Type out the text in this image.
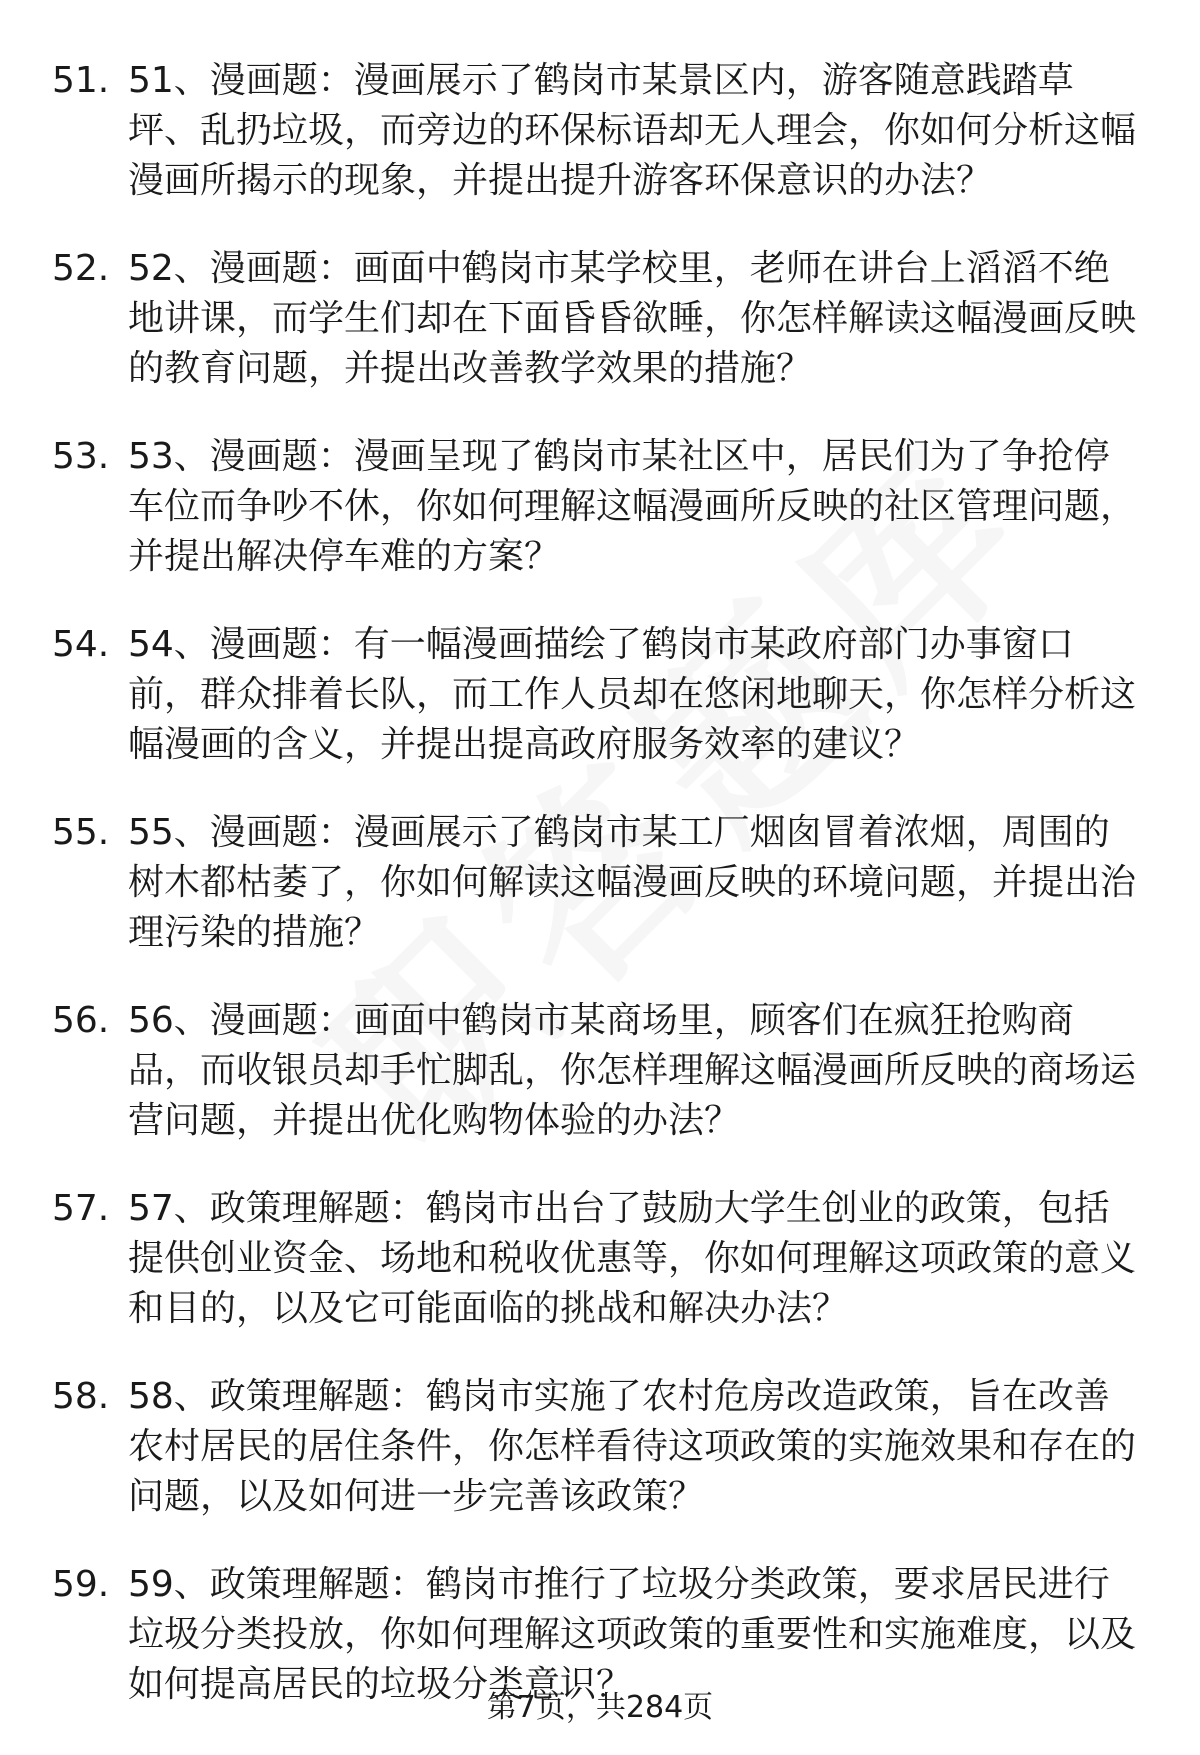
51. 51、漫画题：漫画展示了鹤岗市某景区内，游客随意践踏草坪、乱扔垃圾，而旁边的环保标语却无人理会，你如何分析这幅漫画所揭示的现象，并提出提升游客环保意识的办法？
52. 52、漫画题：画面中鹤岗市某学校里，老师在讲台上滔滔不绝地讲课，而学生们却在下面昏昏欲睡，你怎样解读这幅漫画反映的教育问题，并提出改善教学效果的措施？
53. 53、漫画题：漫画呈现了鹤岗市某社区中，居民们为了争抢停车位而争吵不休，你如何理解这幅漫画所反映的社区管理问题，并提出解决停车难的方案？
54. 54、漫画题：有一幅漫画描绘了鹤岗市某政府部门办事窗口前，群众排着长队，而工作人员却在悠闲地聊天，你怎样分析这幅漫画的含义，并提出提高政府服务效率的建议？
55. 55、漫画题：漫画展示了鹤岗市某工厂烟囱冒着浓烟，周围的树木都枯萎了，你如何解读这幅漫画反映的环境问题，并提出治理污染的措施？
56. 56、漫画题：画面中鹤岗市某商场里，顾客们在疯狂抢购商品，而收银员却手忙脚乱，你怎样理解这幅漫画所反映的商场运营问题，并提出优化购物体验的办法？
57. 57、政策理解题：鹤岗市出台了鼓励大学生创业的政策，包括提供创业资金、场地和税收优惠等，你如何理解这项政策的意义和目的，以及它可能面临的挑战和解决办法？
58. 58、政策理解题：鹤岗市实施了农村危房改造政策，旨在改善农村居民的居住条件，你怎样看待这项政策的实施效果和存在的问题，以及如何进一步完善该政策？
59. 59、政策理解题：鹤岗市推行了垃圾分类政策，要求居民进行垃圾分类投放，你如何理解这项政策的重要性和实施难度，以及如何提高居民的垃圾分类意识？
第7页，共284页
